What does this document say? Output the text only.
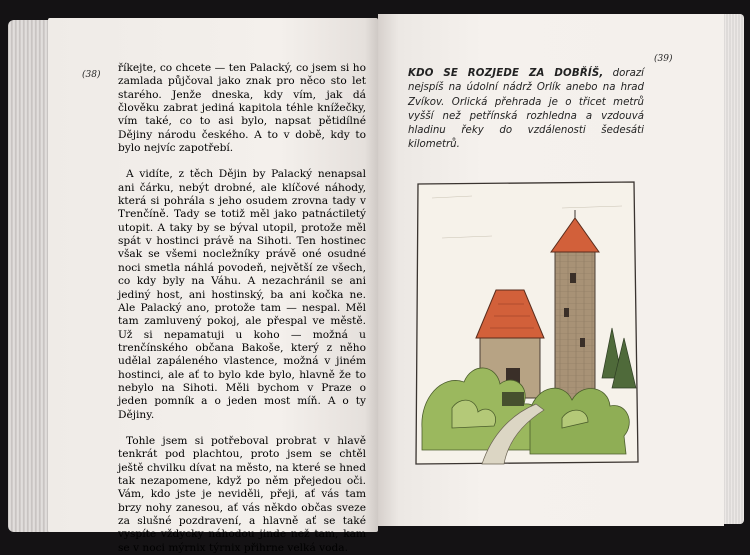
(38)
(39)

říkejte, co chcete — ten Palacký, co jsem si ho zamlada půjčoval jako znak pro něco sto let starého. Jenže dneska, kdy vím, jak dá člověku zabrat jediná kapitola téhle knížečky, vím také, co to asi bylo, napsat pětidílné Dějiny národu českého. A to v době, kdy to bylo nejvíc zapotřebí.

A vidíte, z těch Dějin by Palacký nenapsal ani čárku, nebýt drobné, ale klíčové náhody, která si pohrála s jeho osudem zrovna tady v Trenčíně. Tady se totiž měl jako patnáctiletý utopit. A taky by se býval utopil, protože měl spát v hostinci právě na Sihoti. Ten hostinec však se všemi nocležníky právě oné osudné noci smetla náhlá povodeň, největší ze všech, co kdy byly na Váhu. A nezachránil se ani jediný host, ani hostinský, ba ani kočka ne. Ale Palacký ano, protože tam — nespal. Měl tam zamluvený pokoj, ale přespal ve městě. Už si nepamatuji u koho — možná u trenčínského občana Bakoše, který z něho udělal zapáleného vlastence, možná v jiném hostinci, ale ať to bylo kde bylo, hlavně že to nebylo na Sihoti. Měli bychom v Praze o jeden pomník a o jeden most míň. A o ty Dějiny.

Tohle jsem si potřeboval probrat v hlavě tenkrát pod plachtou, proto jsem se chtěl ještě chvilku dívat na město, na které se hned tak nezapomene, když po něm přejedou oči. Vám, kdo jste je neviděli, přeji, ať vás tam brzy nohy zanesou, ať vás někdo občas sveze za slušné pozdravení, a hlavně ať se také vyspíte vždycky náhodou jinde než tam, kam se v noci mýrnix týrnix přihrne velká voda.

KDO SE ROZJEDE ZA DOBŘÍŠ, dorazí nejspíš na údolní nádrž Orlík anebo na hrad Zvíkov. Orlická přehrada je o třicet metrů vyšší než petřínská rozhledna a vzdouvá hladinu řeky do vzdálenosti šedesáti kilometrů.
